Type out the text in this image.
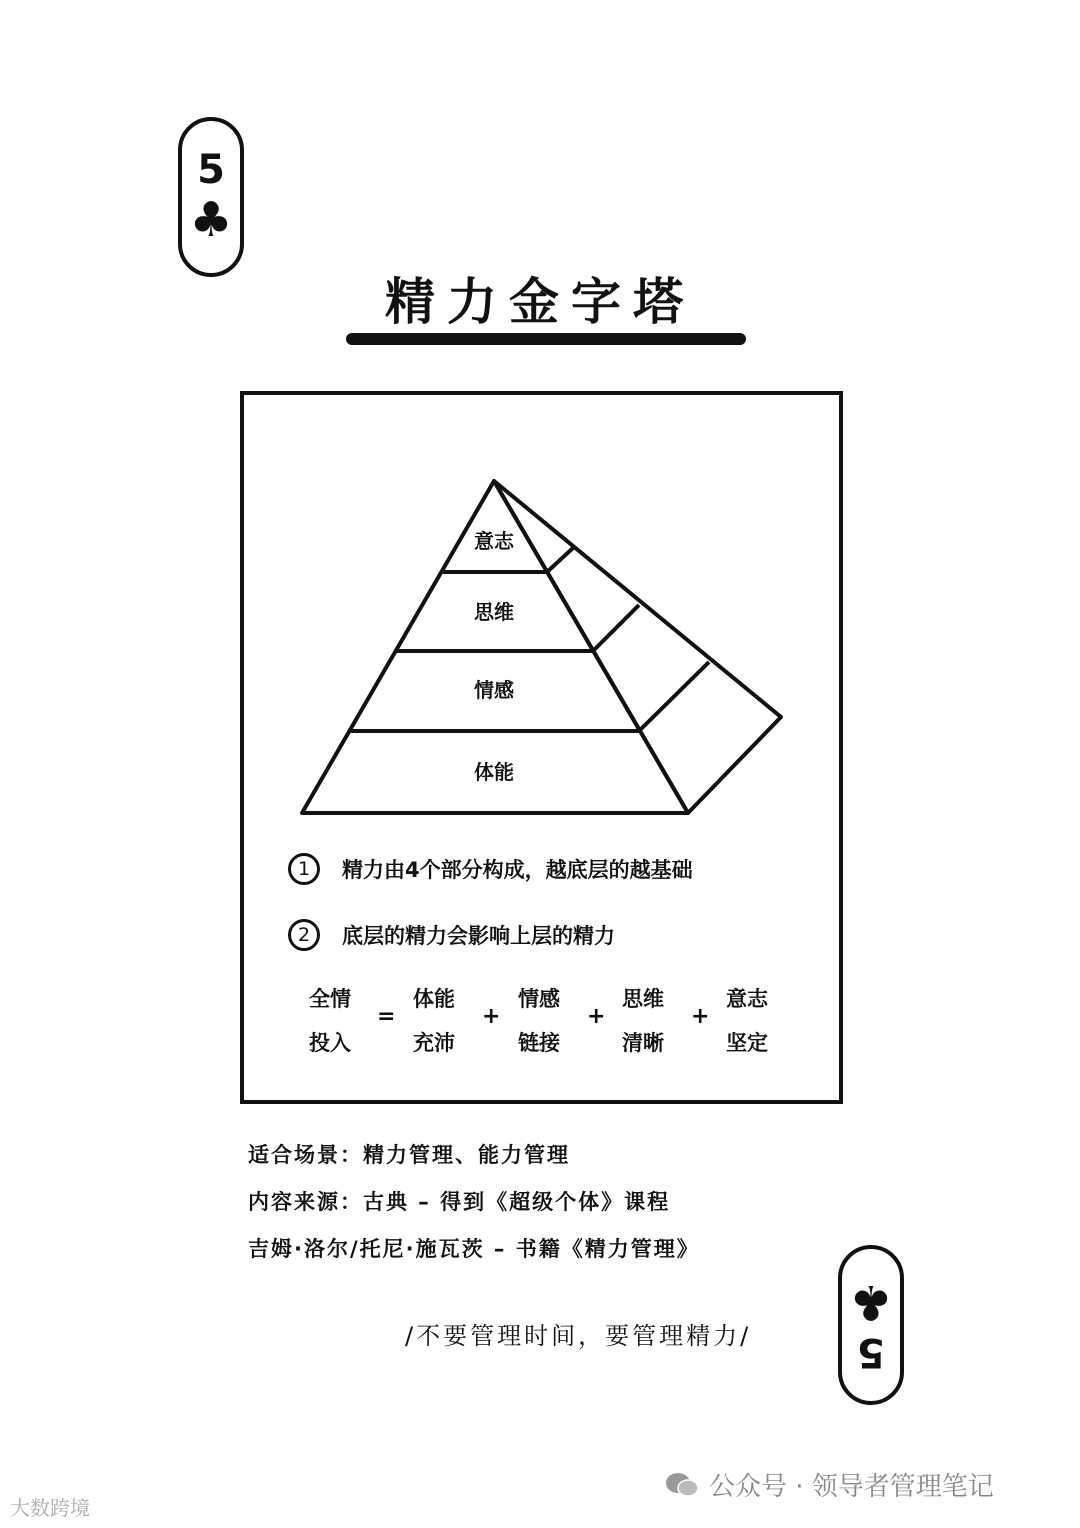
5
♣
5
♣
精力金字塔
意志
思维
情感
体能
1	精力由4个部分构成，越底层的越基础
2	底层的精力会影响上层的精力
全情
投入
=
体能
充沛
+
情感
链接
+
思维
清晰
+
意志
坚定
适合场景：精力管理、能力管理
内容来源：古典 – 得到《超级个体》课程
吉姆·洛尔/托尼·施瓦茨 – 书籍《精力管理》
/不要管理时间，要管理精力/
公众号 · 领导者管理笔记
大数跨境
